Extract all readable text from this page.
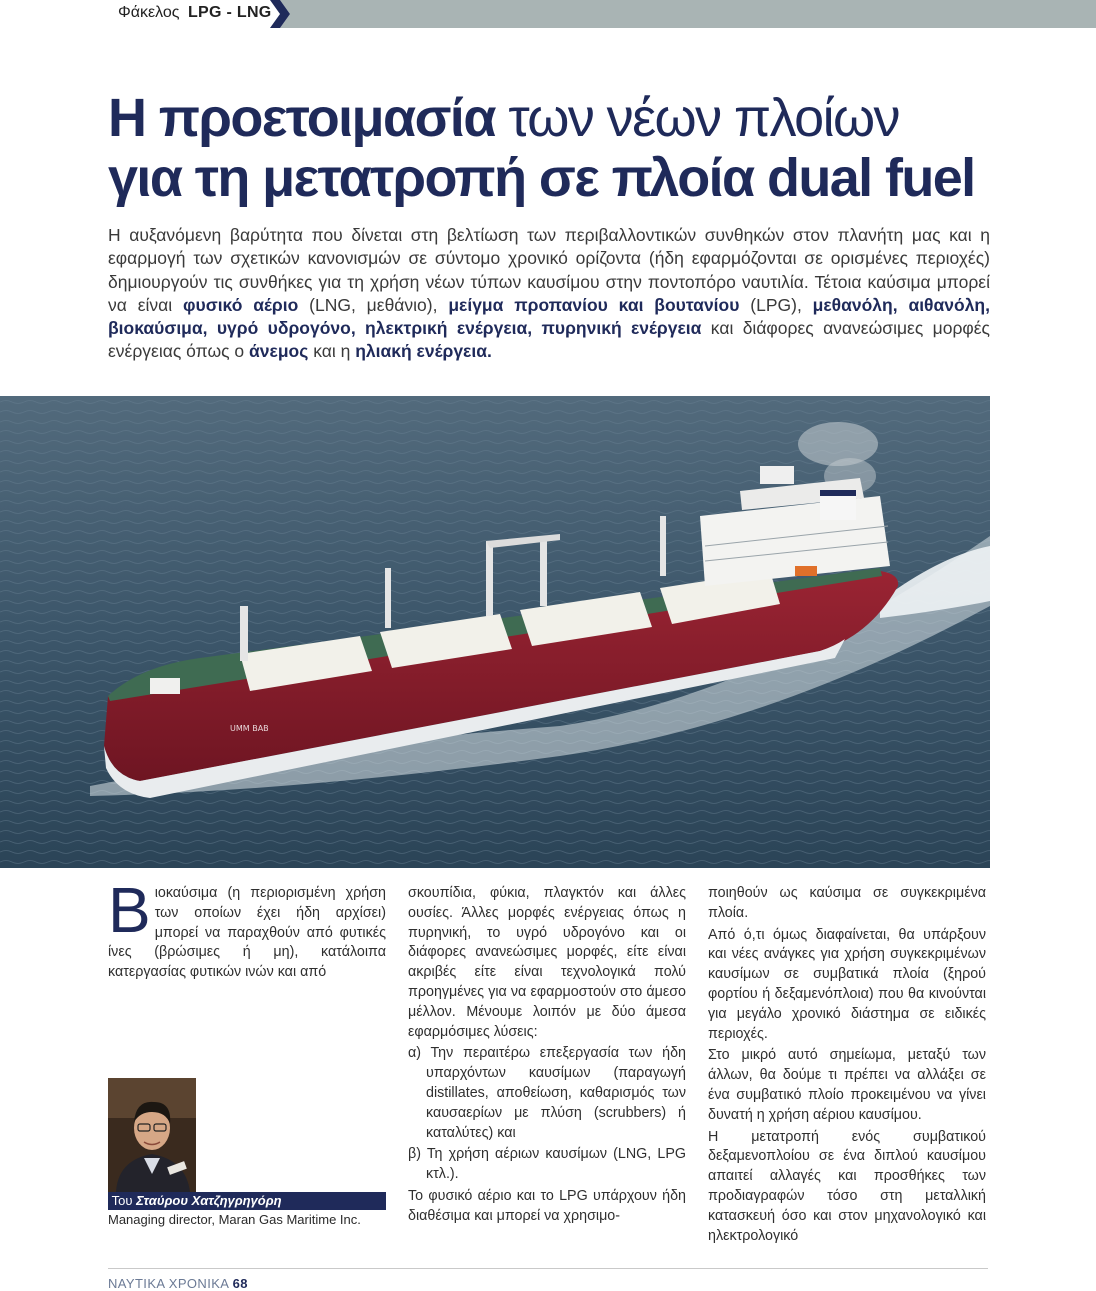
Φάκελος LPG - LNG
Η προετοιμασία των νέων πλοίων
για τη μετατροπή σε πλοία dual fuel
Η αυξανόμενη βαρύτητα που δίνεται στη βελτίωση των περιβαλλοντικών συνθηκών στον πλανήτη μας και η εφαρμογή των σχετικών κανονισμών σε σύντομο χρονικό ορίζοντα (ήδη εφαρμόζονται σε ορισμένες περιοχές) δημιουργούν τις συνθήκες για τη χρήση νέων τύπων καυσίμου στην ποντοπόρο ναυτιλία. Τέτοια καύσιμα μπορεί να είναι φυσικό αέριο (LNG, μεθάνιο), μείγμα προπανίου και βουτανίου (LPG), μεθανόλη, αιθανόλη, βιοκαύσιμα, υγρό υδρογόνο, ηλεκτρική ενέργεια, πυρηνική ενέργεια και διάφορες ανανεώσιμες μορφές ενέργειας όπως ο άνεμος και η ηλιακή ενέργεια.
UMM BAB

Βιοκαύσιμα (η περιορισμένη χρήση των οποίων έχει ήδη αρχίσει) μπορεί να παραχθούν από φυτικές ίνες (βρώσιμες ή μη), κατάλοιπα κατεργασίας φυτικών ινών και από

Του Σταύρου Χατζηγρηγόρη
Managing director, Maran Gas Maritime Inc.

σκουπίδια, φύκια, πλαγκτόν και άλλες ουσίες. Άλλες μορφές ενέργειας όπως η πυρηνική, το υγρό υδρογόνο και οι διάφορες ανανεώσιμες μορφές, είτε είναι ακριβές είτε είναι τεχνολογικά πολύ προηγμένες για να εφαρμοστούν στο άμεσο μέλλον. Μένουμε λοιπόν με δύο άμεσα εφαρμόσιμες λύσεις:

α) Την περαιτέρω επεξεργασία των ήδη υπαρχόντων καυσίμων (παραγωγή distillates, αποθείωση, καθαρισμός των καυσαερίων με πλύση (scrubbers) ή καταλύτες) και

β) Τη χρήση αέριων καυσίμων (LNG, LPG κτλ.).

Το φυσικό αέριο και το LPG υπάρχουν ήδη διαθέσιμα και μπορεί να χρησιμο-

ποιηθούν ως καύσιμα σε συγκεκριμένα πλοία.

Από ό,τι όμως διαφαίνεται, θα υπάρξουν και νέες ανάγκες για χρήση συγκεκριμένων καυσίμων σε συμβατικά πλοία (ξηρού φορτίου ή δεξαμενόπλοια) που θα κινούνται για μεγάλο χρονικό διάστημα σε ειδικές περιοχές.

Στο μικρό αυτό σημείωμα, μεταξύ των άλλων, θα δούμε τι πρέπει να αλλάξει σε ένα συμβατικό πλοίο προκειμένου να γίνει δυνατή η χρήση αέριου καυσίμου.

Η μετατροπή ενός συμβατικού δεξαμενοπλοίου σε ένα διπλού καυσίμου απαιτεί αλλαγές και προσθήκες των προδιαγραφών τόσο στη μεταλλική κατασκευή όσο και στον μηχανολογικό και ηλεκτρολογικό

ΝΑΥΤΙΚΑ ΧΡΟΝΙΚΑ 68
